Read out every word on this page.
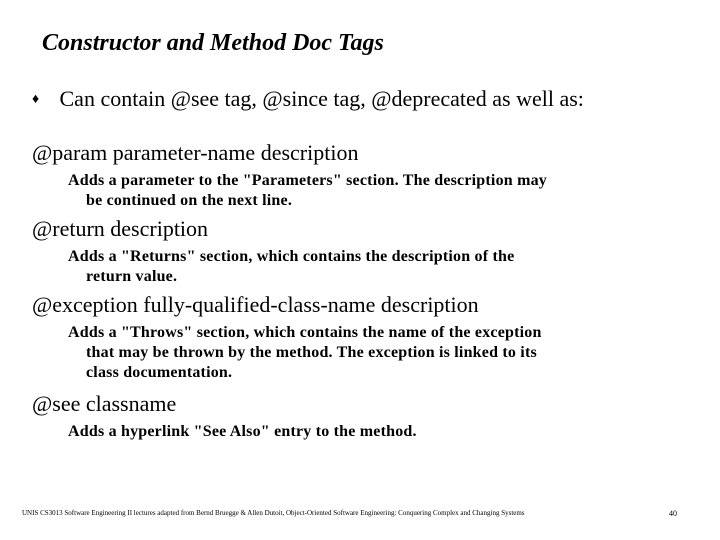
Constructor and Method Doc Tags
♦ Can contain @see tag, @since tag, @deprecated as well as:
@param parameter-name description
Adds a parameter to the "Parameters" section. The description may
be continued on the next line.
@return description
Adds a "Returns" section, which contains the description of the
return value.
@exception fully-qualified-class-name description
Adds a "Throws" section, which contains the name of the exception
that may be thrown by the method. The exception is linked to its
class documentation.
@see classname
Adds a hyperlink "See Also" entry to the method.
UNIS CS3013 Software Engineering II lectures adapted from Bernd Bruegge & Allen Dutoit, Object-Oriented Software Engineering: Conquering Complex and Changing Systems	40
